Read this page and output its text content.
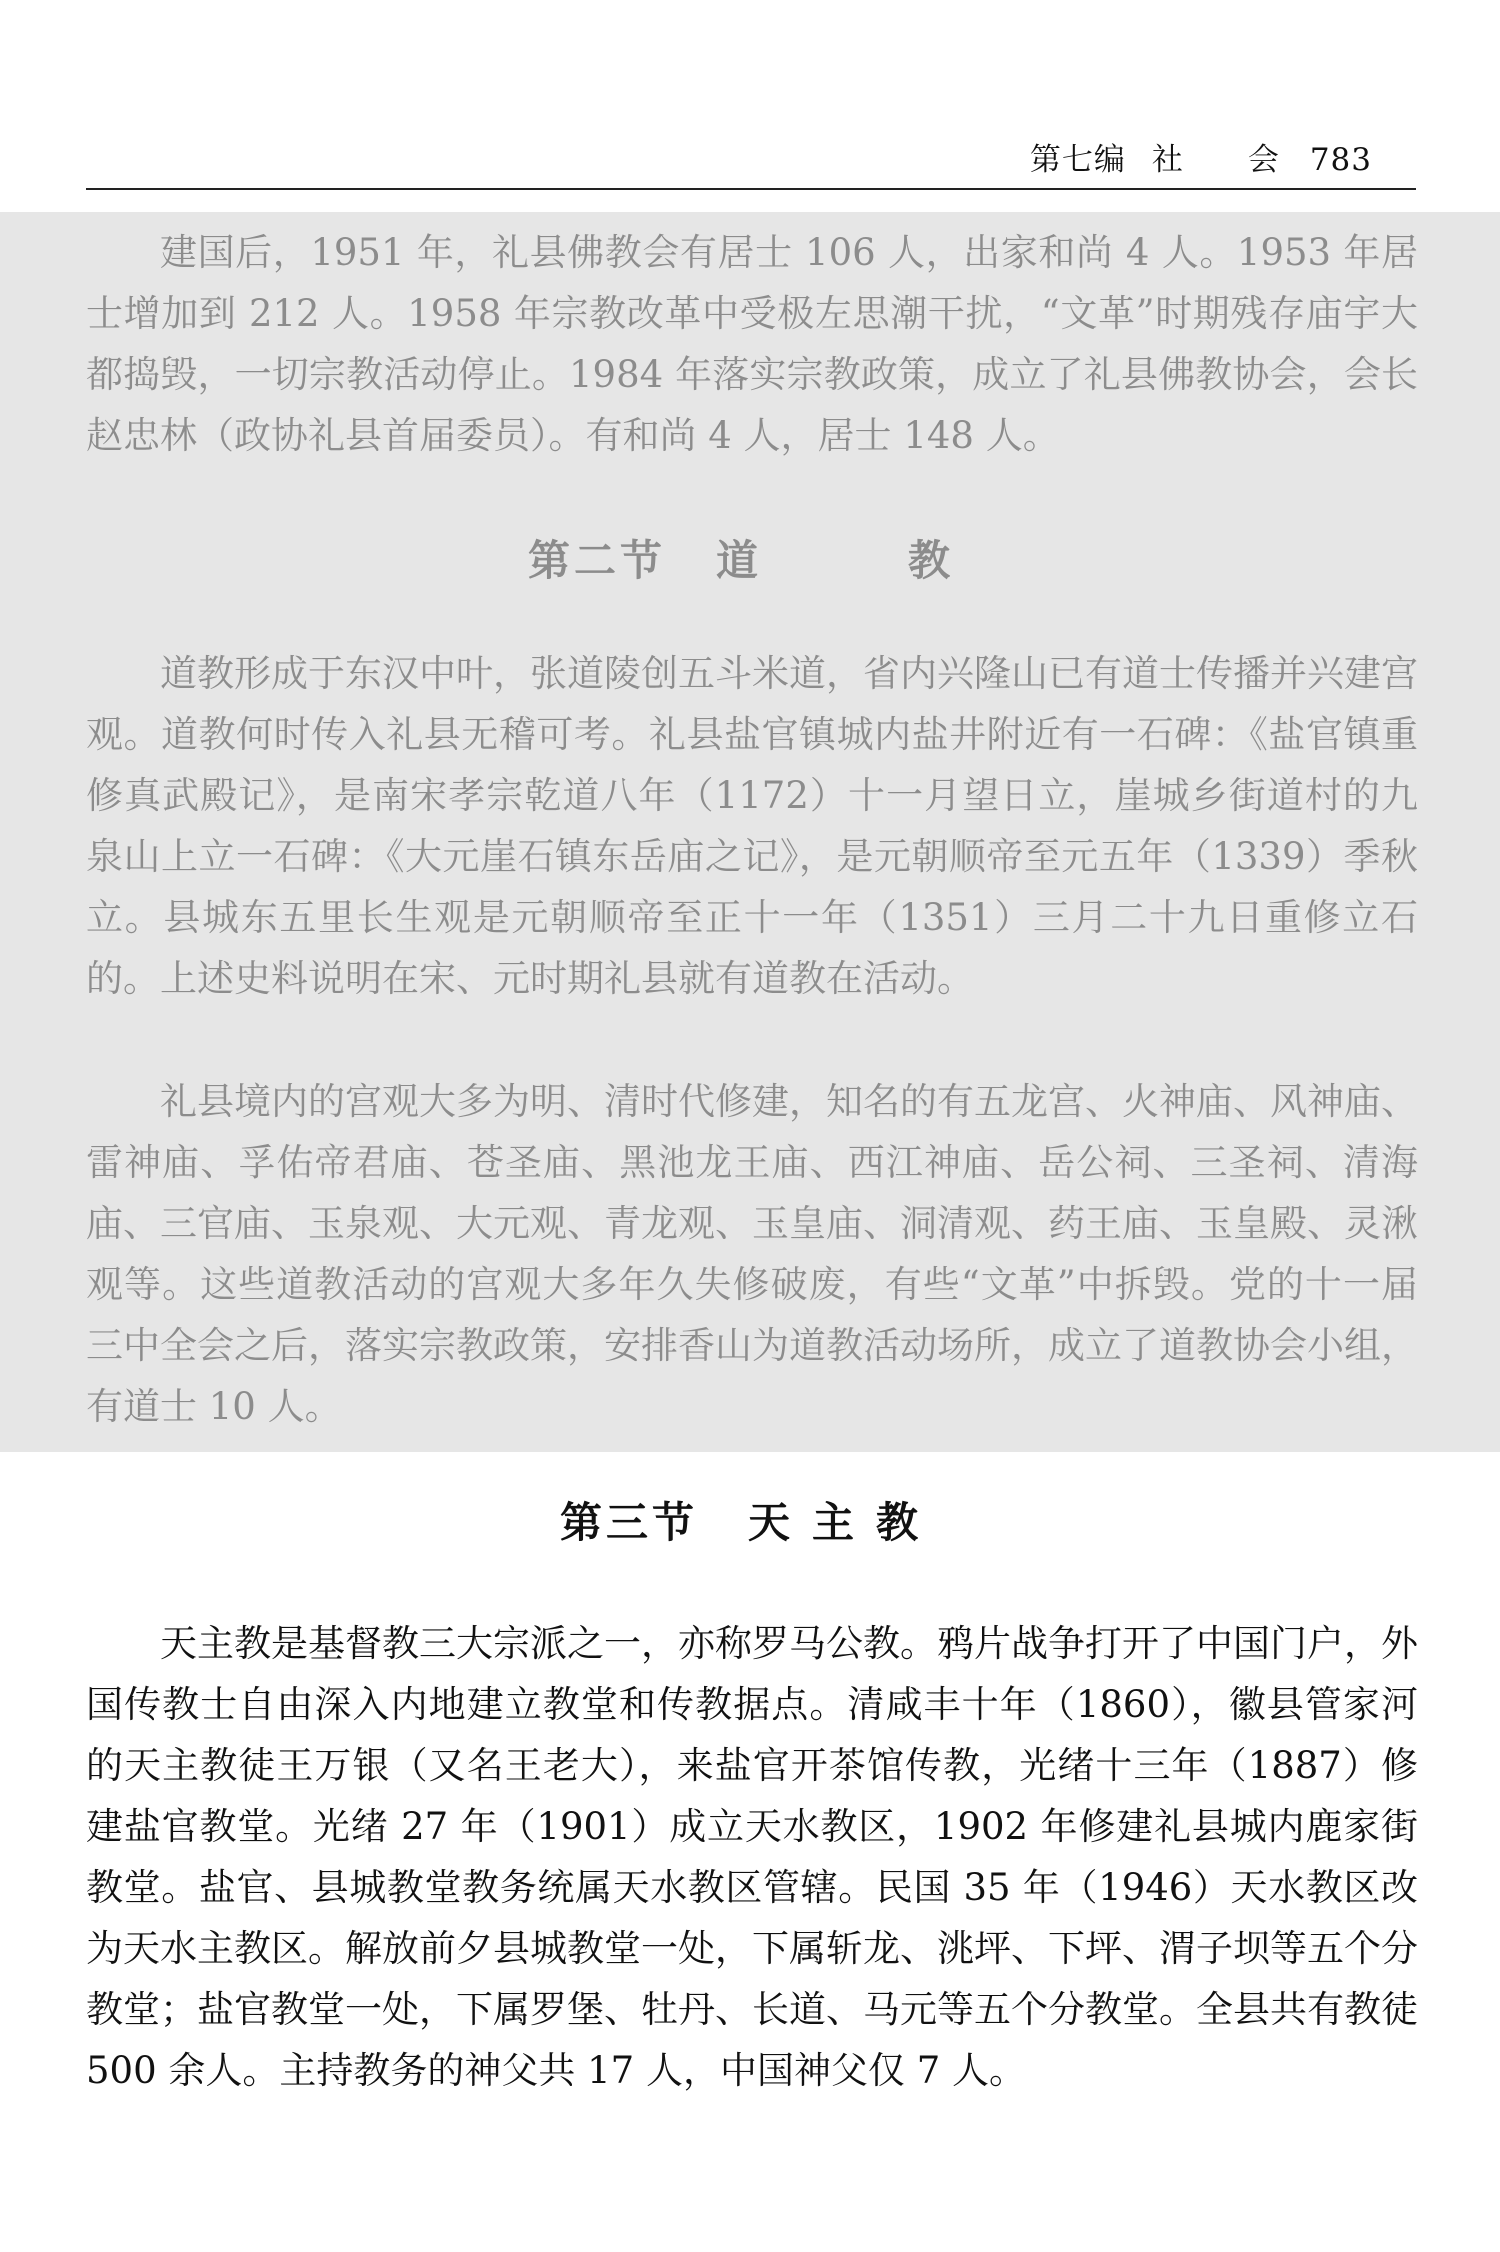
第七编 社 会 783

建国后，1951 年，礼县佛教会有居士 106 人，出家和尚 4 人。1953 年居士增加到 212 人。1958 年宗教改革中受极左思潮干扰，“文革”时期残存庙宇大都捣毁，一切宗教活动停止。1984 年落实宗教政策，成立了礼县佛教协会，会长赵忠林（政协礼县首届委员）。有和尚 4 人，居士 148 人。

第二节 道　　教

道教形成于东汉中叶，张道陵创五斗米道，省内兴隆山已有道士传播并兴建宫观。道教何时传入礼县无稽可考。礼县盐官镇城内盐井附近有一石碑：《盐官镇重修真武殿记》，是南宋孝宗乾道八年（1172）十一月望日立，崖城乡街道村的九泉山上立一石碑：《大元崖石镇东岳庙之记》，是元朝顺帝至元五年（1339）季秋立。县城东五里长生观是元朝顺帝至正十一年（1351）三月二十九日重修立石的。上述史料说明在宋、元时期礼县就有道教在活动。

礼县境内的宫观大多为明、清时代修建，知名的有五龙宫、火神庙、风神庙、雷神庙、孚佑帝君庙、苍圣庙、黑池龙王庙、西江神庙、岳公祠、三圣祠、清海庙、三官庙、玉泉观、大元观、青龙观、玉皇庙、洞清观、药王庙、玉皇殿、灵湫观等。这些道教活动的宫观大多年久失修破废，有些“文革”中拆毁。党的十一届三中全会之后，落实宗教政策，安排香山为道教活动场所，成立了道教协会小组，有道士 10 人。

第三节 天主教

天主教是基督教三大宗派之一，亦称罗马公教。鸦片战争打开了中国门户，外国传教士自由深入内地建立教堂和传教据点。清咸丰十年（1860），徽县管家河的天主教徒王万银（又名王老大），来盐官开茶馆传教，光绪十三年（1887）修建盐官教堂。光绪 27 年（1901）成立天水教区，1902 年修建礼县城内鹿家街教堂。盐官、县城教堂教务统属天水教区管辖。民国 35 年（1946）天水教区改为天水主教区。解放前夕县城教堂一处，下属斩龙、洮坪、下坪、渭子坝等五个分教堂；盐官教堂一处，下属罗堡、牡丹、长道、马元等五个分教堂。全县共有教徒 500 余人。主持教务的神父共 17 人，中国神父仅 7 人。
